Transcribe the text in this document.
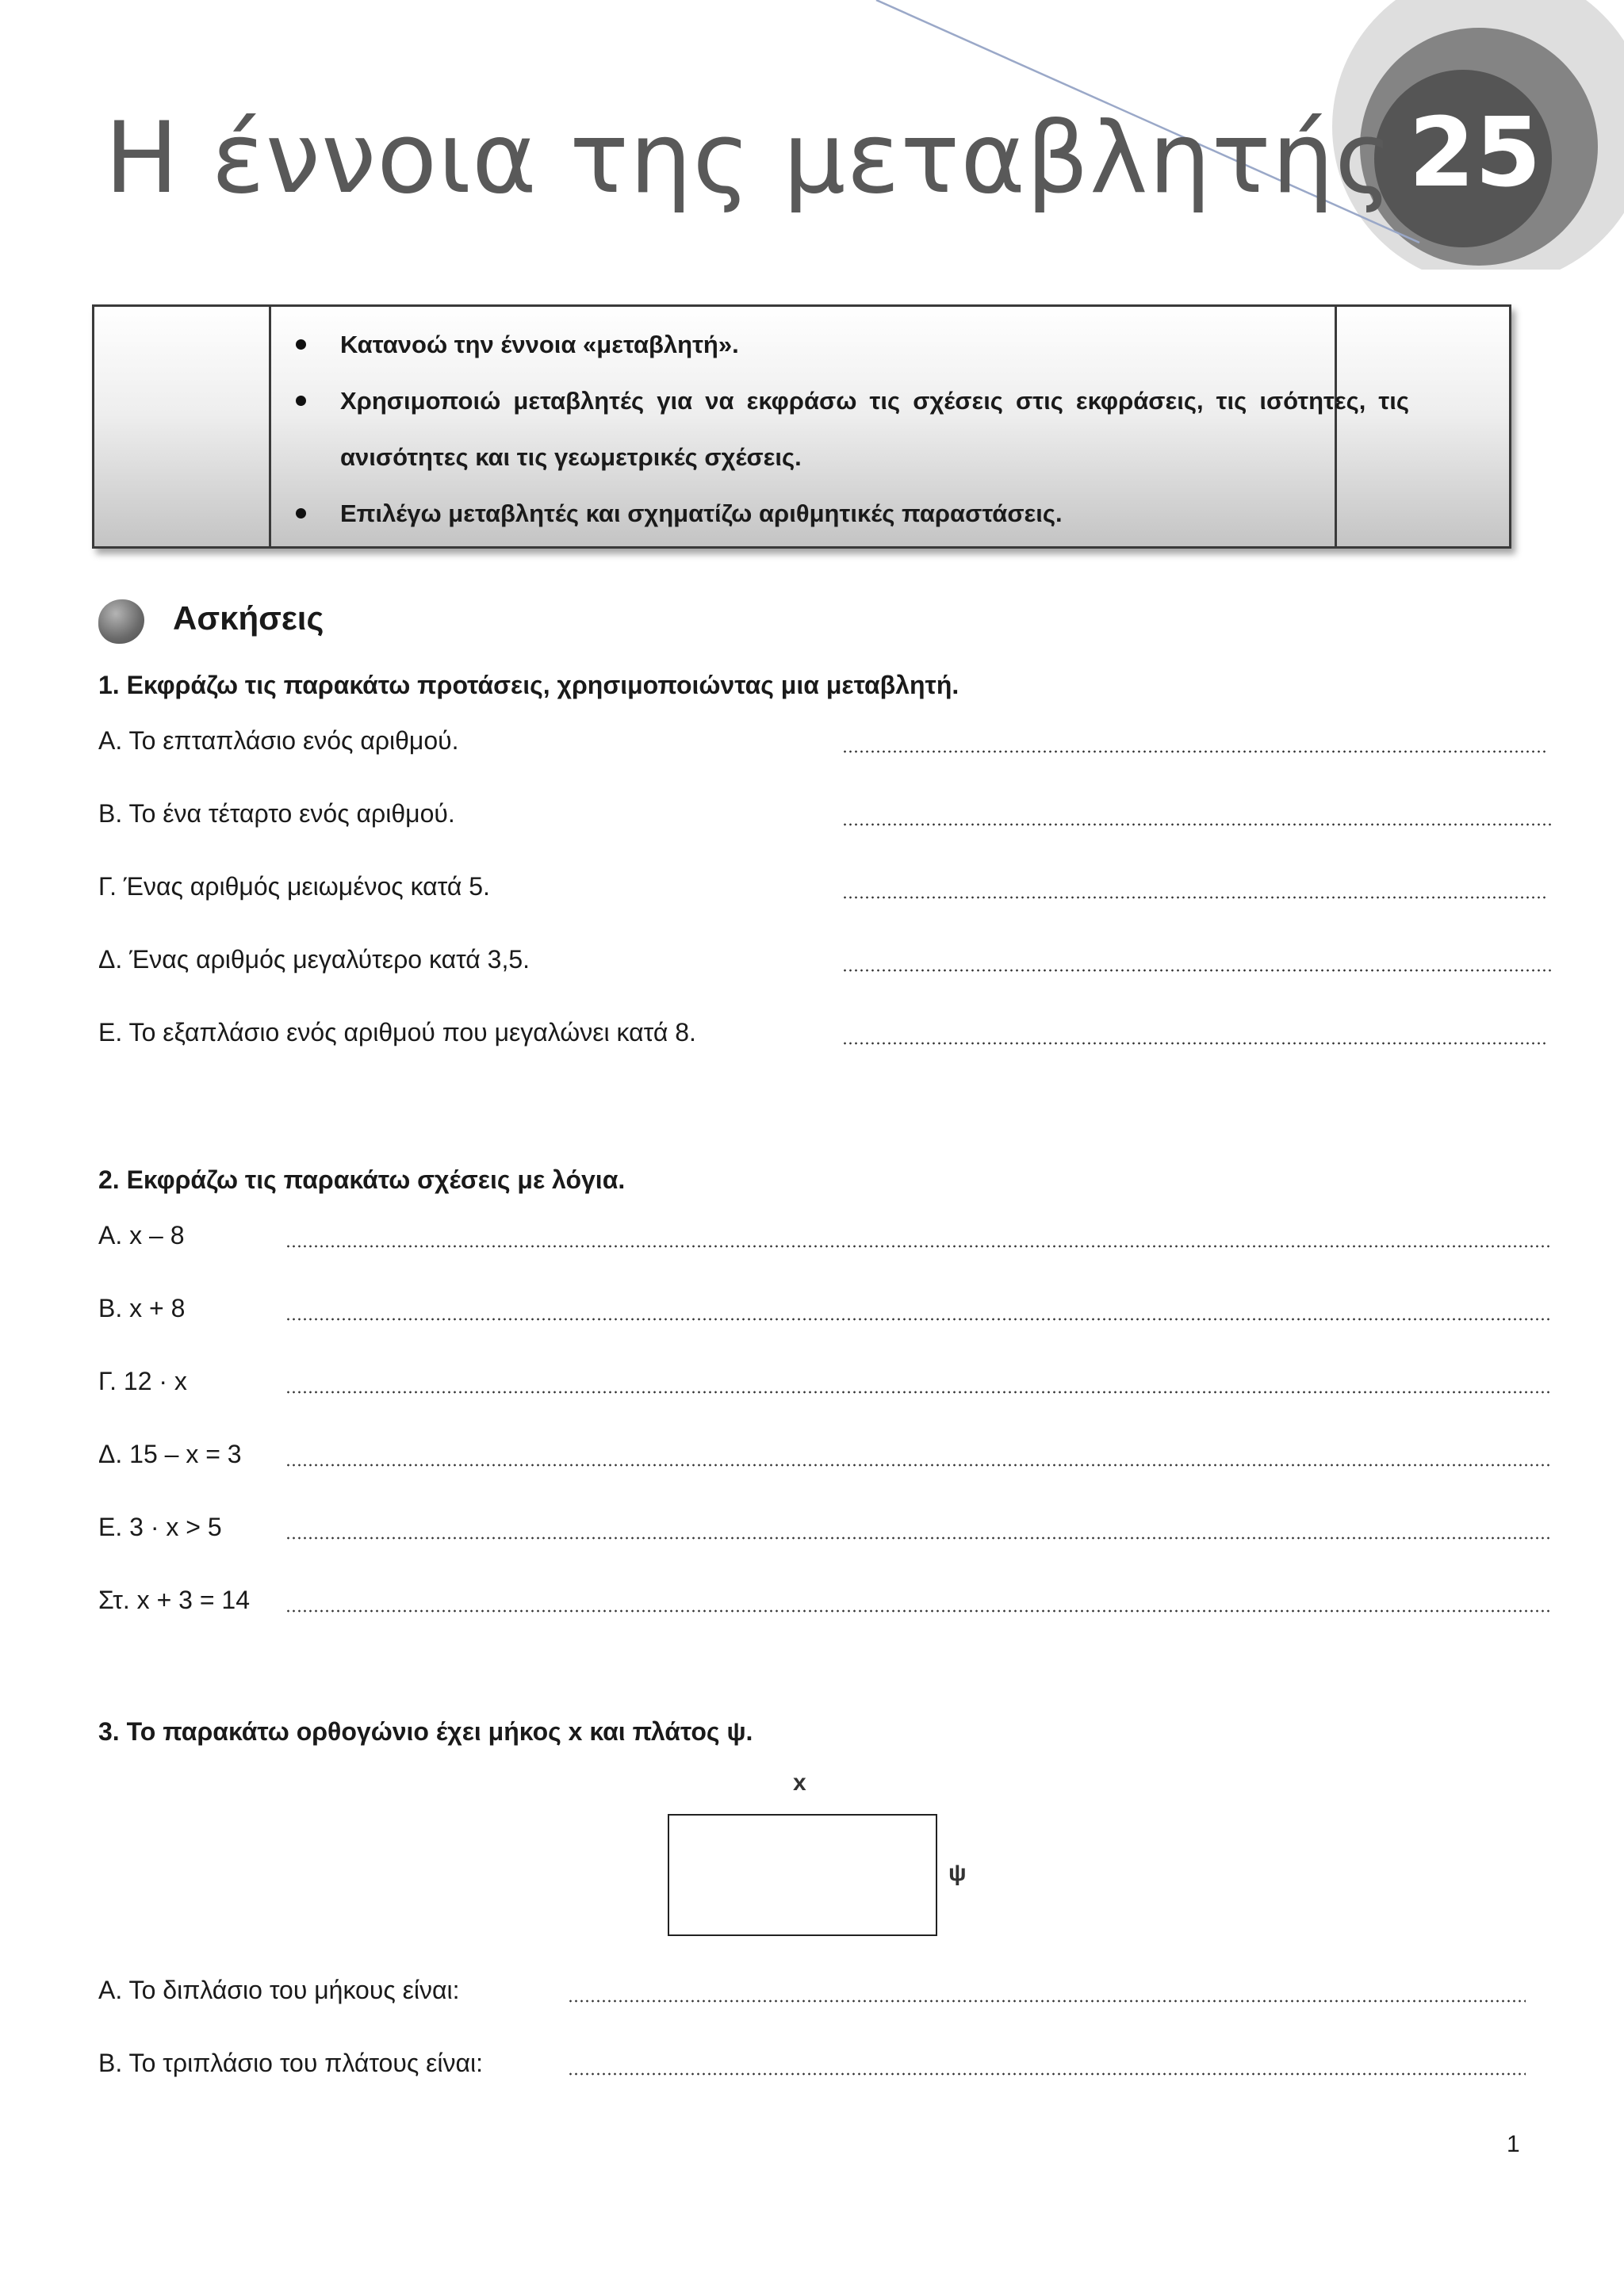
Η έννοια της μεταβλητής 25
Κατανοώ την έννοια «μεταβλητή».
Χρησιμοποιώ μεταβλητές για να εκφράσω τις σχέσεις στις εκφράσεις, τις ισότητες, τις ανισότητες και τις γεωμετρικές σχέσεις.
Επιλέγω μεταβλητές και σχηματίζω αριθμητικές παραστάσεις.
Ασκήσεις
1. Εκφράζω τις παρακάτω προτάσεις, χρησιμοποιώντας μια μεταβλητή.
Α. Το επταπλάσιο ενός αριθμού.
Β. Το ένα τέταρτο ενός αριθμού.
Γ. Ένας αριθμός μειωμένος κατά 5.
Δ. Ένας αριθμός μεγαλύτερο κατά 3,5.
Ε. Το εξαπλάσιο ενός αριθμού που μεγαλώνει κατά 8.
2. Εκφράζω τις παρακάτω σχέσεις με λόγια.
Α. x – 8
Β. x + 8
Γ. 12 · x
Δ. 15 – x = 3
Ε. 3 · x > 5
Στ. x + 3 = 14
3. Το παρακάτω ορθογώνιο έχει μήκος x και πλάτος ψ.
x
ψ
Α. Το διπλάσιο του μήκους είναι:
Β. Το τριπλάσιο του πλάτους είναι:
1
